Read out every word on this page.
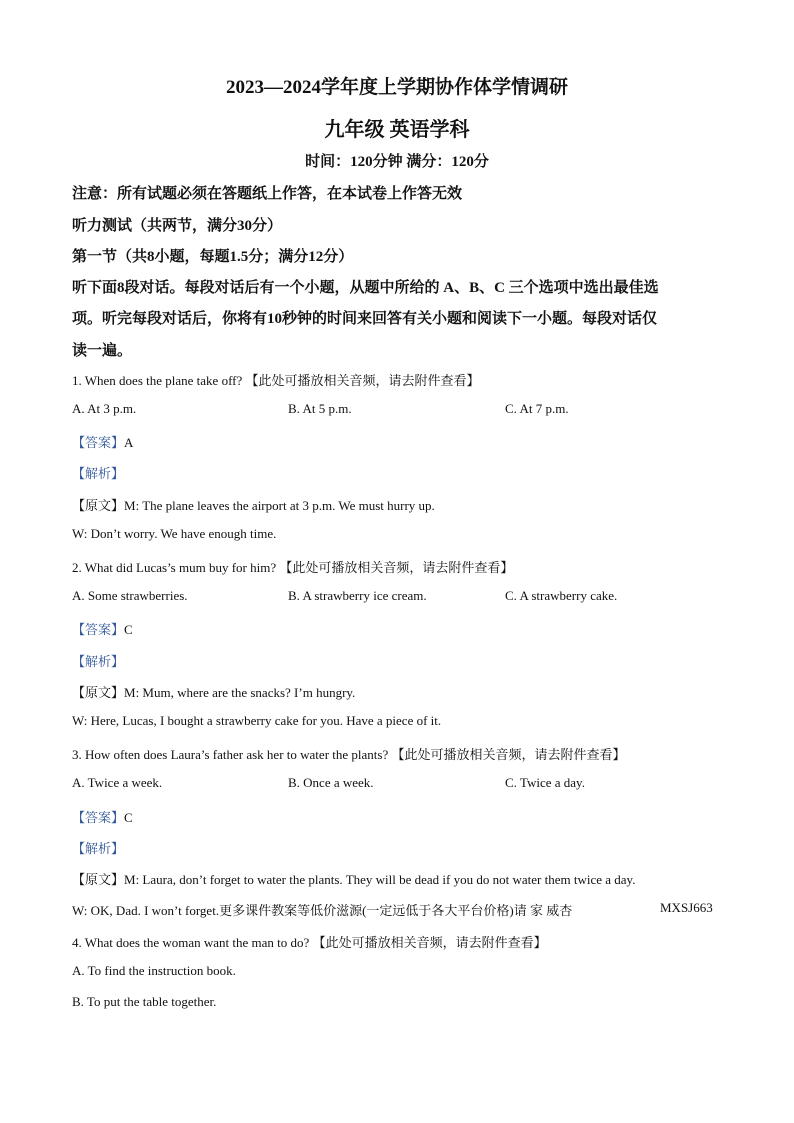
2023—2024学年度上学期协作体学情调研
九年级 英语学科
时间：120分钟 满分：120分
注意：所有试题必须在答题纸上作答，在本试卷上作答无效
听力测试（共两节，满分30分）
第一节（共8小题，每题1.5分；满分12分）
听下面8段对话。每段对话后有一个小题，从题中所给的 A、B、C 三个选项中选出最佳选
项。听完每段对话后，你将有10秒钟的时间来回答有关小题和阅读下一小题。每段对话仅
读一遍。
1. When does the plane take off? 【此处可播放相关音频，请去附件查看】
A. At 3 p.m.	B. At 5 p.m.	C. At 7 p.m.
【答案】A
【解析】
【原文】M: The plane leaves the airport at 3 p.m. We must hurry up.
W: Don’t worry. We have enough time.
2. What did Lucas’s mum buy for him? 【此处可播放相关音频，请去附件查看】
A. Some strawberries.	B. A strawberry ice cream.	C. A strawberry cake.
【答案】C
【解析】
【原文】M: Mum, where are the snacks? I’m hungry.
W: Here, Lucas, I bought a strawberry cake for you. Have a piece of it.
3. How often does Laura’s father ask her to water the plants? 【此处可播放相关音频，请去附件查看】
A. Twice a week.	B. Once a week.	C. Twice a day.
【答案】C
【解析】
【原文】M: Laura, don’t forget to water the plants. They will be dead if you do not water them twice a day.
W: OK, Dad. I won’t forget.更多课件教案等低价滋源(一定远低于各大平台价格)请 家 威杏	MXSJ663
4. What does the woman want the man to do? 【此处可播放相关音频，请去附件查看】
A. To find the instruction book.
B. To put the table together.
